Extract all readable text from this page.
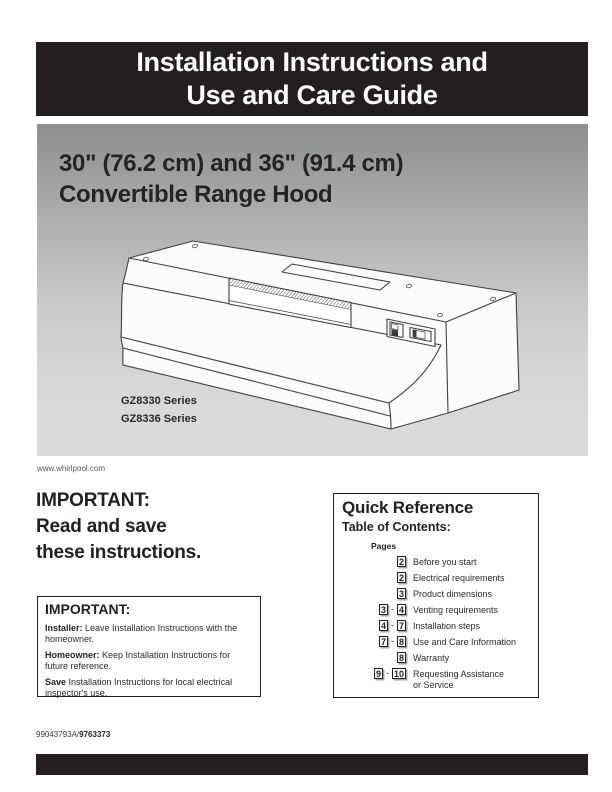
Installation Instructions and
Use and Care Guide
30" (76.2 cm) and 36" (91.4 cm)
Convertible Range Hood
GZ8330 Series
GZ8336 Series
www.whirlpool.com
IMPORTANT:
Read and save
these instructions.
IMPORTANT:

Installer: Leave Installation Instructions with the homeowner.

Homeowner: Keep Installation Instructions for future reference.

Save Installation Instructions for local electrical inspector's use.

Quick Reference
Table of Contents:
Pages
2	Before you start
2	Electrical requirements
3	Product dimensions
3 - 4	Venting requirements
4 - 7	Installation steps
7 - 8	Use and Care Information
8	Warranty
9 - 10	Requesting Assistance
or Service
99043793A/9763373
